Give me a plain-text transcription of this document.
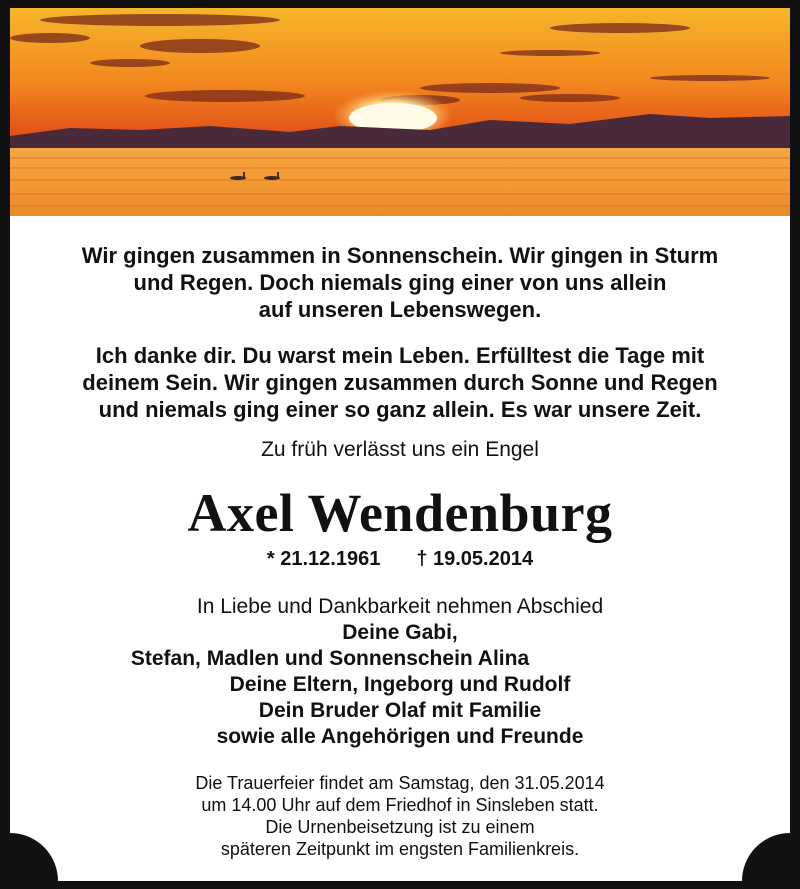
Wir gingen zusammen in Sonnenschein. Wir gingen in Sturm
und Regen. Doch niemals ging einer von uns allein
auf unseren Lebenswegen.
Ich danke dir. Du warst mein Leben. Erfülltest die Tage mit
deinem Sein. Wir gingen zusammen durch Sonne und Regen
und niemals ging einer so ganz allein. Es war unsere Zeit.
Zu früh verlässt uns ein Engel
Axel Wendenburg
* 21.12.1961 † 19.05.2014
In Liebe und Dankbarkeit nehmen Abschied
Deine Gabi,
Stefan, Madlen und Sonnenschein Alina
Deine Eltern, Ingeborg und Rudolf
Dein Bruder Olaf mit Familie
sowie alle Angehörigen und Freunde
Die Trauerfeier findet am Samstag, den 31.05.2014
um 14.00 Uhr auf dem Friedhof in Sinsleben statt.
Die Urnenbeisetzung ist zu einem
späteren Zeitpunkt im engsten Familienkreis.
